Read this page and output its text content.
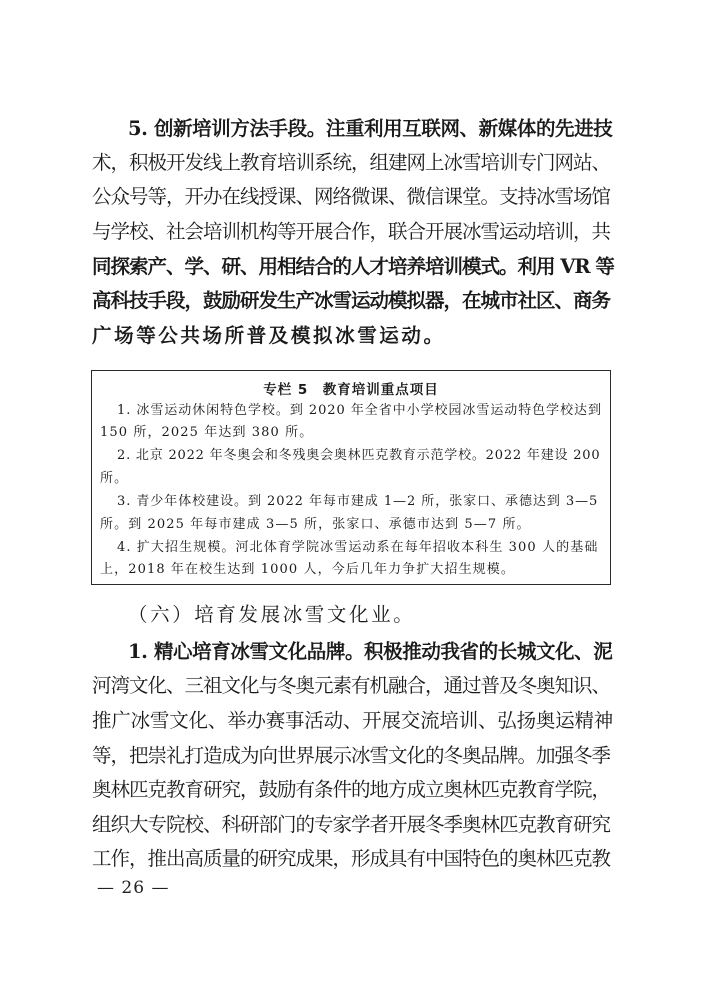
5. 创新培训方法手段。注重利用互联网、新媒体的先进技
术，积极开发线上教育培训系统，组建网上冰雪培训专门网站、
公众号等，开办在线授课、网络微课、微信课堂。支持冰雪场馆
与学校、社会培训机构等开展合作，联合开展冰雪运动培训，共
同探索产、学、研、用相结合的人才培养培训模式。利用 VR 等
高科技手段，鼓励研发生产冰雪运动模拟器，在城市社区、商务
广场等公共场所普及模拟冰雪运动。
专栏 5　教育培训重点项目
1. 冰雪运动休闲特色学校。到 2020 年全省中小学校园冰雪运动特色学校达到
150 所，2025 年达到 380 所。
2. 北京 2022 年冬奥会和冬残奥会奥林匹克教育示范学校。2022 年建设 200
所。
3. 青少年体校建设。到 2022 年每市建成 1—2 所，张家口、承德达到 3—5
所。到 2025 年每市建成 3—5 所，张家口、承德市达到 5—7 所。
4. 扩大招生规模。河北体育学院冰雪运动系在每年招收本科生 300 人的基础
上，2018 年在校生达到 1000 人，今后几年力争扩大招生规模。
（六）培育发展冰雪文化业。
1. 精心培育冰雪文化品牌。积极推动我省的长城文化、泥
河湾文化、三祖文化与冬奥元素有机融合，通过普及冬奥知识、
推广冰雪文化、举办赛事活动、开展交流培训、弘扬奥运精神
等，把崇礼打造成为向世界展示冰雪文化的冬奥品牌。加强冬季
奥林匹克教育研究，鼓励有条件的地方成立奥林匹克教育学院，
组织大专院校、科研部门的专家学者开展冬季奥林匹克教育研究
工作，推出高质量的研究成果，形成具有中国特色的奥林匹克教
— 26 —
